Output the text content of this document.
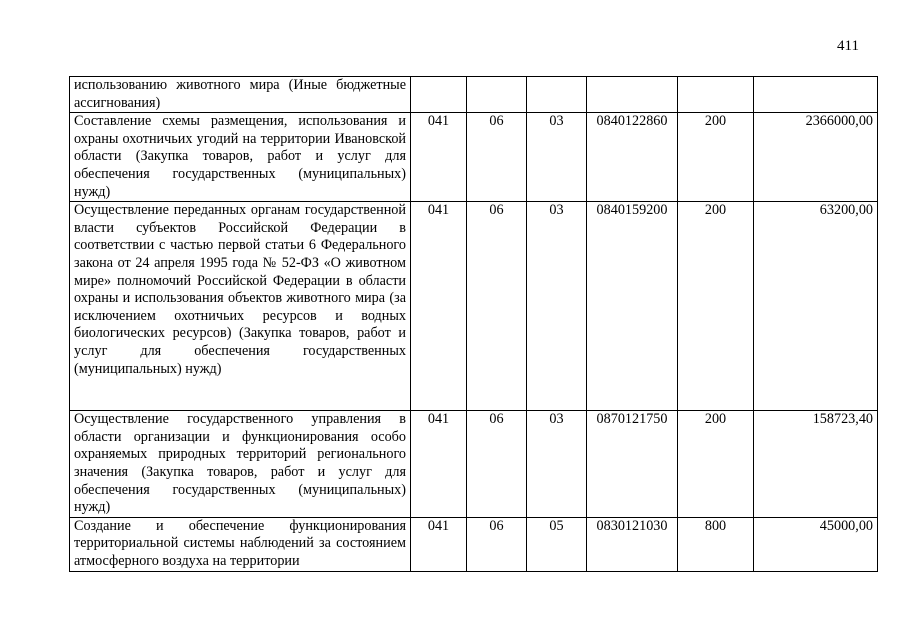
411
использованию животного мира (Иные бюджетные ассигнования)						
Составление схемы размещения, использования и охраны охотничьих угодий на территории Ивановской области (Закупка товаров, работ и услуг для обеспечения государственных (муниципальных) нужд)	041	06	03	0840122860	200	2366000,00
Осуществление переданных органам государственной власти субъектов Российской Федерации в соответствии с частью первой статьи 6 Федерального закона от 24 апреля 1995 года № 52-ФЗ «О животном мире» полномочий Российской Федерации в области охраны и использования объектов животного мира (за исключением охотничьих ресурсов и водных биологических ресурсов) (Закупка товаров, работ и услуг для обеспечения государственных (муниципальных) нужд)	041	06	03	0840159200	200	63200,00
Осуществление государственного управления в области организации и функционирования особо охраняемых природных территорий регионального значения (Закупка товаров, работ и услуг для обеспечения государственных (муниципальных) нужд)	041	06	03	0870121750	200	158723,40
Создание и обеспечение функционирования территориальной системы наблюдений за состоянием атмосферного воздуха на территории	041	06	05	0830121030	800	45000,00
